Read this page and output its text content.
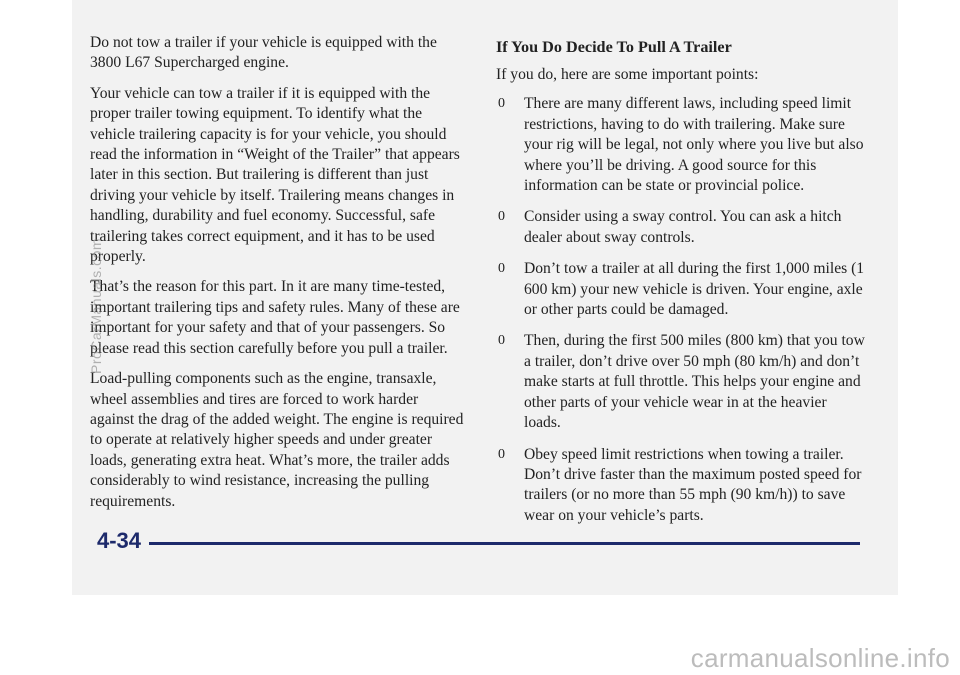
Do not tow a trailer if your vehicle is equipped with the 3800 L67 Supercharged engine.

Your vehicle can tow a trailer if it is equipped with the proper trailer towing equipment. To identify what the vehicle trailering capacity is for your vehicle, you should read the information in “Weight of the Trailer” that appears later in this section. But trailering is different than just driving your vehicle by itself. Trailering means changes in handling, durability and fuel economy. Successful, safe trailering takes correct equipment, and it has to be used properly.

That’s the reason for this part. In it are many time-tested, important trailering tips and safety rules. Many of these are important for your safety and that of your passengers. So please read this section carefully before you pull a trailer.

Load-pulling components such as the engine, transaxle, wheel assemblies and tires are forced to work harder against the drag of the added weight. The engine is required to operate at relatively higher speeds and under greater loads, generating extra heat. What’s more, the trailer adds considerably to wind resistance, increasing the pulling requirements.

If You Do Decide To Pull A Trailer

If you do, here are some important points:

0	There are many different laws, including speed limit restrictions, having to do with trailering. Make sure your rig will be legal, not only where you live but also where you’ll be driving. A good source for this information can be state or provincial police.
0	Consider using a sway control. You can ask a hitch dealer about sway controls.
0	Don’t tow a trailer at all during the first 1,000 miles (1 600 km) your new vehicle is driven. Your engine, axle or other parts could be damaged.
0	Then, during the first 500 miles (800 km) that you tow a trailer, don’t drive over 50 mph (80 km/h) and don’t make starts at full throttle. This helps your engine and other parts of your vehicle wear in at the heavier loads.
0	Obey speed limit restrictions when towing a trailer. Don’t drive faster than the maximum posted speed for trailers (or no more than 55 mph (90 km/h)) to save wear on your vehicle’s parts.
4-34
ProCarManuals.com
carmanualsonline.info
